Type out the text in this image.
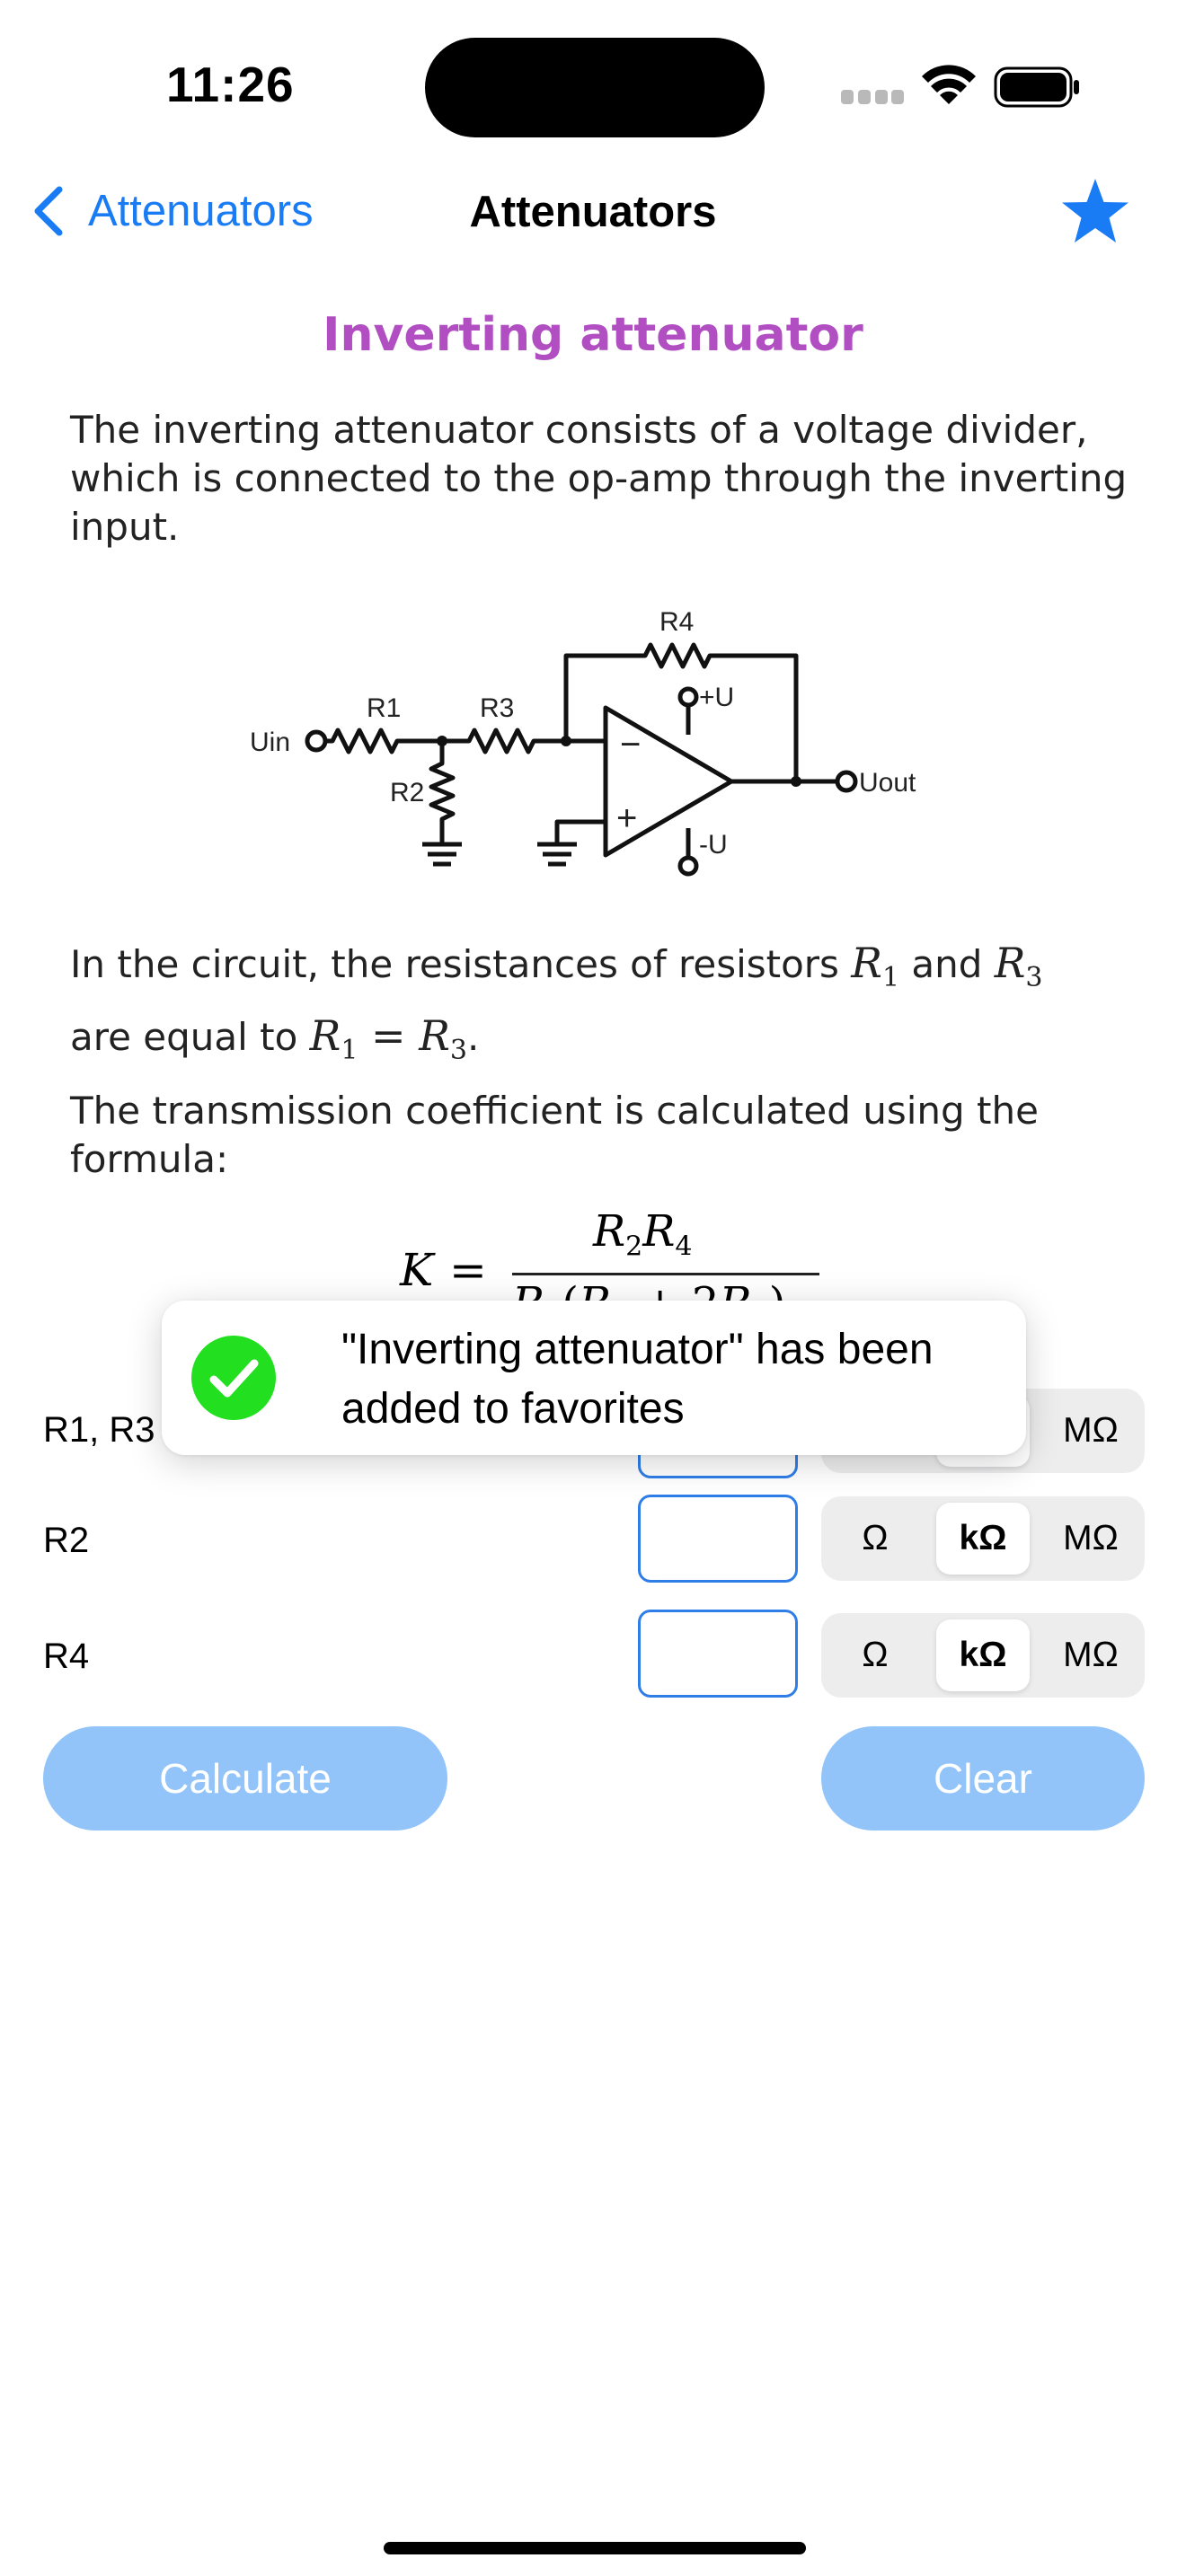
11:26
Attenuators	Attenuators
Inverting attenuator
The inverting attenuator consists of a voltage divider, which is connected to the op-amp through the inverting input.
R4
R1	R3
R2
+U
-U
Uin
Uout
−
+
In the circuit, the resistances of resistors $R_1$ and $R_3$
are equal to $R_1 = R_3$.
The transmission coefficient is calculated using the formula:
K =
$R_2R_4$
R1, R3	MΩ
R2	Ω	kΩ	MΩ
R4	Ω	kΩ	MΩ
Calculate	Clear
"Inverting attenuator" has been added to favorites
